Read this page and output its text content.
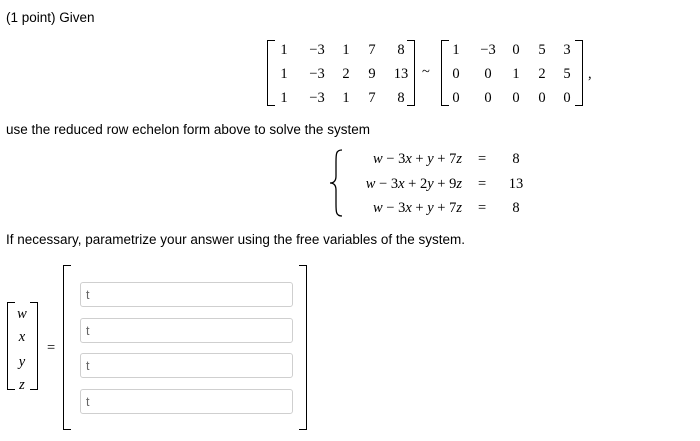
(1 point) Given
1	−3	1	7	8
1	−3	2	9	13
1	−3	1	7	8
~
1	−3	0	5	3
0	0	1	2	5
0	0	0	0	0
,
use the reduced row echelon form above to solve the system
w − 3x + y + 7z =	8
w − 3x + 2y + 9z = 13
w − 3x + y + 7z =	8
If necessary, parametrize your answer using the free variables of the system.
w
x
y
z
=
t
t
t
t
